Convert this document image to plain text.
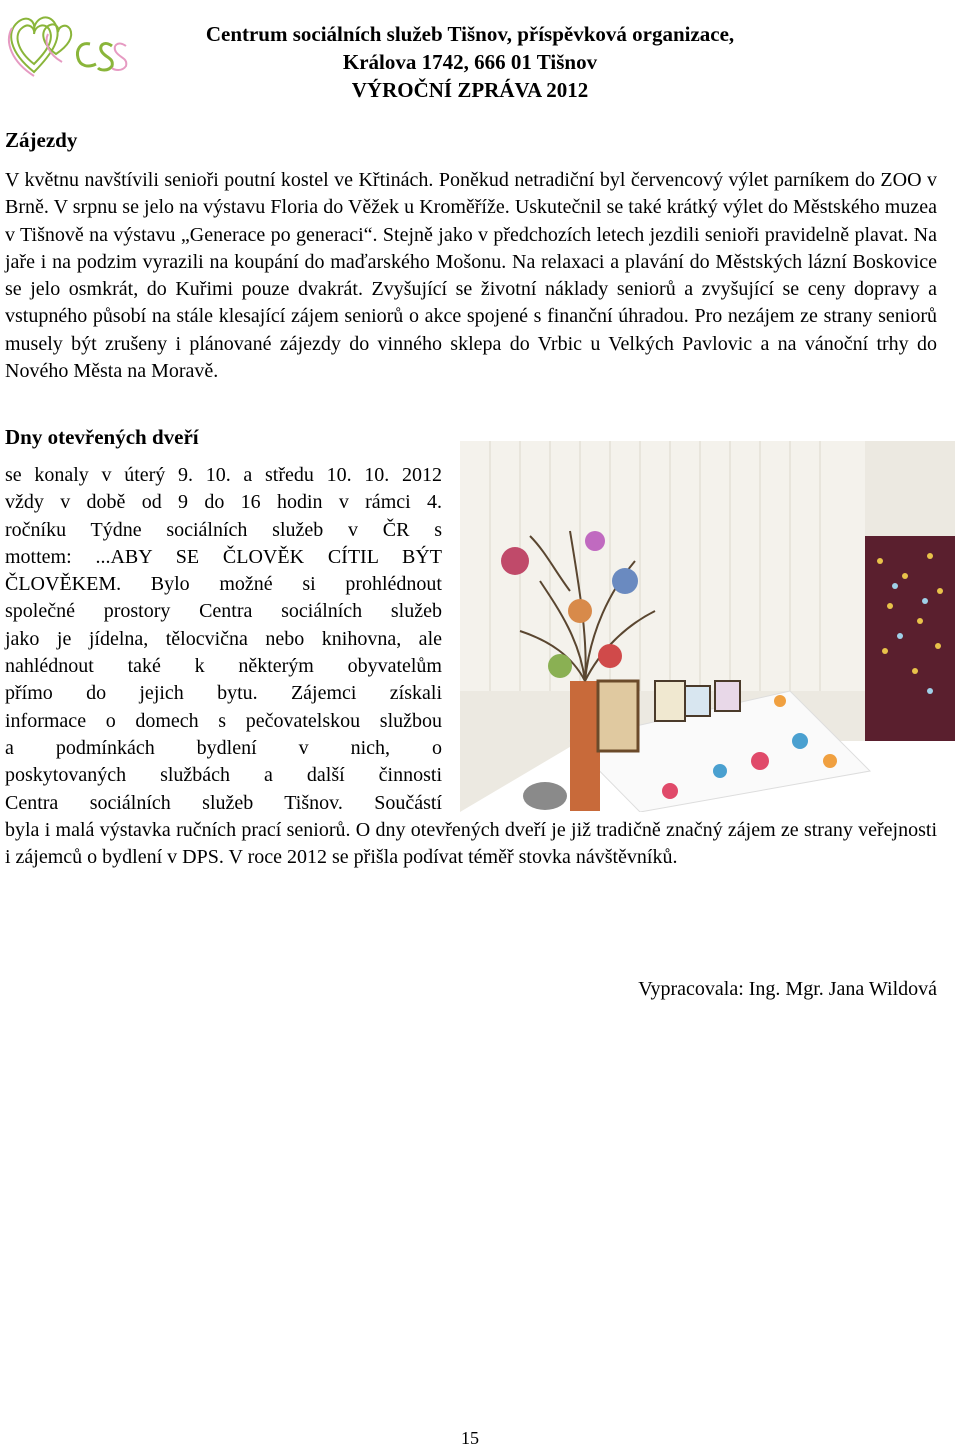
Centrum sociálních služeb Tišnov, příspěvková organizace,
Králova 1742, 666 01 Tišnov
VÝROČNÍ ZPRÁVA 2012
Zájezdy
V květnu navštívili senioři poutní kostel ve Křtinách. Poněkud netradiční byl červencový výlet parníkem do ZOO v Brně. V srpnu se jelo na výstavu Floria do Věžek u Kroměříže. Uskutečnil se také krátký výlet do Městského muzea v Tišnově na výstavu „Generace po generaci“. Stejně jako v předchozích letech jezdili senioři pravidelně plavat. Na jaře i na podzim vyrazili na koupání do maďarského Mošonu. Na relaxaci a plavání do Městských lázní Boskovice se jelo osmkrát, do Kuřimi pouze dvakrát. Zvyšující se životní náklady seniorů a zvyšující se ceny dopravy a vstupného působí na stále klesající zájem seniorů o akce spojené s finanční úhradou. Pro nezájem ze strany seniorů musely být zrušeny i plánované zájezdy do vinného sklepa do Vrbic u Velkých Pavlovic a na vánoční trhy do Nového Města na Moravě.
Dny otevřených dveří
se konaly v úterý 9. 10. a středu 10. 10. 2012
vždy v době od 9 do 16 hodin v rámci 4.
ročníku Týdne sociálních služeb v ČR s
mottem: ...ABY SE ČLOVĚK CÍTIL BÝT
ČLOVĚKEM. Bylo možné si prohlédnout
společné prostory Centra sociálních služeb
jako je jídelna, tělocvična nebo knihovna, ale
nahlédnout také k některým obyvatelům
přímo do jejich bytu. Zájemci získali
informace o domech s pečovatelskou službou
a podmínkách bydlení v nich, o
poskytovaných službách a další činnosti
Centra sociálních služeb Tišnov. Součástí
byla i malá výstavka ručních prací seniorů. O dny otevřených dveří je již tradičně značný zájem ze strany veřejnosti i zájemců o bydlení v DPS. V roce 2012 se přišla podívat téměř stovka návštěvníků.
Vypracovala: Ing. Mgr. Jana Wildová
15
